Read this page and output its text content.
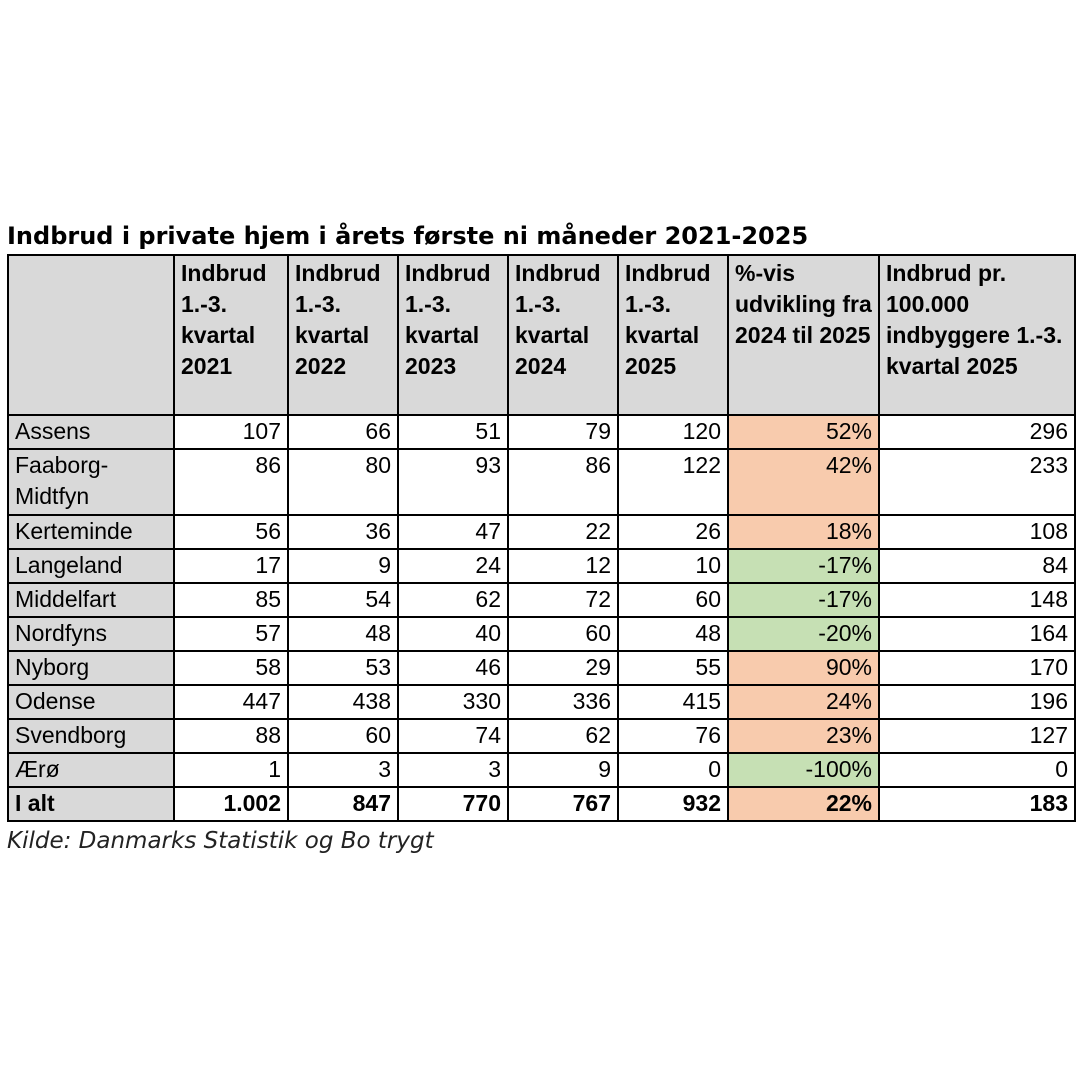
Indbrud i private hjem i årets første ni måneder 2021-2025
	Indbrud 1.-3. kvartal 2021	Indbrud 1.-3. kvartal 2022	Indbrud 1.-3. kvartal 2023	Indbrud 1.-3. kvartal 2024	Indbrud 1.-3. kvartal 2025	%-vis udvikling fra 2024 til 2025	Indbrud pr. 100.000 indbyggere 1.-3. kvartal 2025
Assens	107	66	51	79	120	52%	296
Faaborg-Midtfyn	86	80	93	86	122	42%	233
Kerteminde	56	36	47	22	26	18%	108
Langeland	17	9	24	12	10	-17%	84
Middelfart	85	54	62	72	60	-17%	148
Nordfyns	57	48	40	60	48	-20%	164
Nyborg	58	53	46	29	55	90%	170
Odense	447	438	330	336	415	24%	196
Svendborg	88	60	74	62	76	23%	127
Ærø	1	3	3	9	0	-100%	0
I alt	1.002	847	770	767	932	22%	183
Kilde: Danmarks Statistik og Bo trygt
